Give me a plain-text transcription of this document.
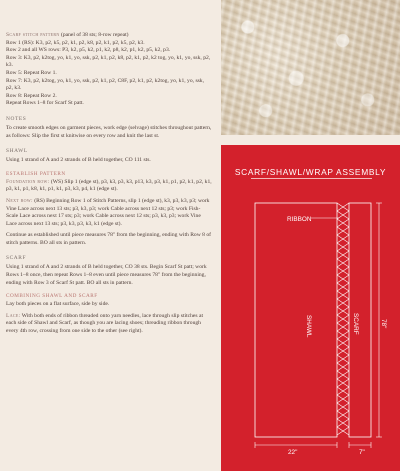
Scarf stitch pattern (panel of 38 sts; 8-row repeat)

Row 1 (RS): K3, p2, k5, p2, k1, p2, k8, p2, k1, p2, k5, p2, k3.

Row 2 and all WS rows: P3, k2, p5, k2, p1, k2, p8, k2, p1, k2, p5, k2, p3.

Row 3: K3, p2, k2tog, yo, k1, yo, ssk, p2, k1, p2, k8, p2, k1, p2, k2 tog, yo, k1, yo, ssk, p2, k3.

Row 5: Repeat Row 1.

Row 7: K3, p2, k2tog, yo, k1, yo, ssk, p2, k1, p2, C8F, p2, k1, p2, k2tog, yo, k1, yo, ssk, p2, k3.

Row 8: Repeat Row 2.

Repeat Rows 1–8 for Scarf St patt.

NOTES

To create smooth edges on garment pieces, work edge (selvage) stitches throughout pattern, as follows: Slip the first st knitwise on every row and knit the last st.

SHAWL

Using 1 strand of A and 2 strands of B held together, CO 111 sts.

ESTABLISH PATTERN

Foundation row: (WS) Slip 1 (edge st), p3, k3, p3, k3, p13, k3, p3, k1, p1, p2, k1, p2, k1, p3, k1, p1, k8, k1, p1, k1, p3, k3, p4, k1 (edge st).

Next row: (RS) Beginning Row 1 of Stitch Patterns, slip 1 (edge st), k3, p3, k3, p3; work Vine Lace across next 13 sts; p3, k3, p3; work Cable across next 12 sts; p3; work Fish-Scale Lace across next 17 sts; p3; work Cable across next 12 sts; p3, k3, p3; work Vine Lace across next 13 sts; p3, k3, p3, k3, k1 (edge st).

Continue as established until piece measures 78" from the beginning, ending with Row 8 of stitch patterns. BO all sts in pattern.

SCARF

Using 1 strand of A and 2 strands of B held together, CO 38 sts. Begin Scarf St patt; work Rows 1–8 once, then repeat Rows 1–8 even until piece measures 78" from the beginning, ending with Row 3 of Scarf St patt. BO all sts in pattern.

COMBINING SHAWL AND SCARF

Lay both pieces on a flat surface, side by side.

Lace: With both ends of ribbon threaded onto yarn needles, lace through slip stitches at each side of Shawl and Scarf, as though you are lacing shoes; threading ribbon through every 4th row, crossing from one side to the other (see right).

SCARF/SHAWL/WRAP ASSEMBLY
RIBBON
SHAWL	SCARF	78"
22"	7"
